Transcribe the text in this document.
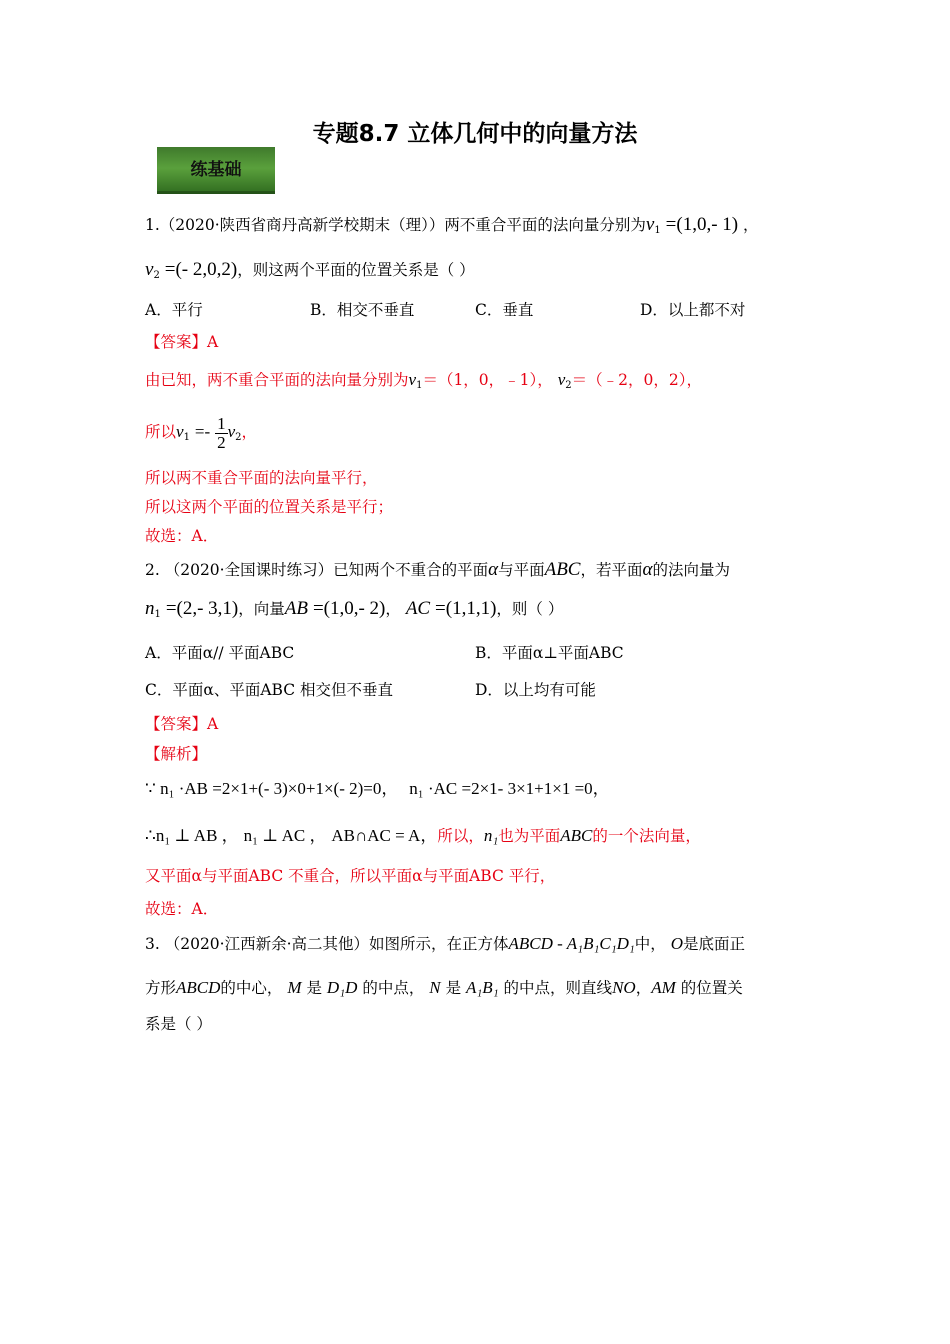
专题8.7 立体几何中的向量方法
练基础
1.（2020·陕西省商丹高新学校期末（理））两不重合平面的法向量分别为$v_1 =(1,0,-$ 1) ，
$v_2$ =(- 2,0,2)，则这两个平面的位置关系是（ ）
A．平行	B．相交不垂直	C．垂直	D．以上都不对
【答案】A
由已知，两不重合平面的法向量分别为$v_1=(1$，0，﹣1）， $v_2=(﹣2$，0，2），
所以$v_1 =- \frac{1}{2} v_2$，
所以两不重合平面的法向量平行，
所以这两个平面的位置关系是平行；
故选：A．
2. （2020·全国课时练习）已知两个不重合的平面α与平面ABC，若平面α的法向量为
$n_1 =(2,-$ 3,1)，向量AB =(1,0,- 2)， AC =(1,1,1)，则（ ）
A．平面α// 平面ABC	B．平面α⊥平面ABC
C．平面α、平面ABC 相交但不垂直	D．以上均有可能
【答案】A
【解析】
∵ n₁ ·AB =2×1+(- 3)×0+1×(- 2)=0， n₁ ·AC =2×1- 3×1+1×1 =0，
∴n₁ ⊥ AB ， n₁ ⊥ AC ， AB∩AC = A，所以，n₁也为平面ABC的一个法向量，
又平面α与平面ABC 不重合，所以平面α与平面ABC 平行，
故选：A．
3. （2020·江西新余·高二其他）如图所示，在正方体ABCD - A₁B₁C₁D₁中， O是底面正
方形ABCD的中心， M 是 D₁D 的中点， N 是 A₁B₁ 的中点，则直线NO，AM 的位置关
系是（ ）
